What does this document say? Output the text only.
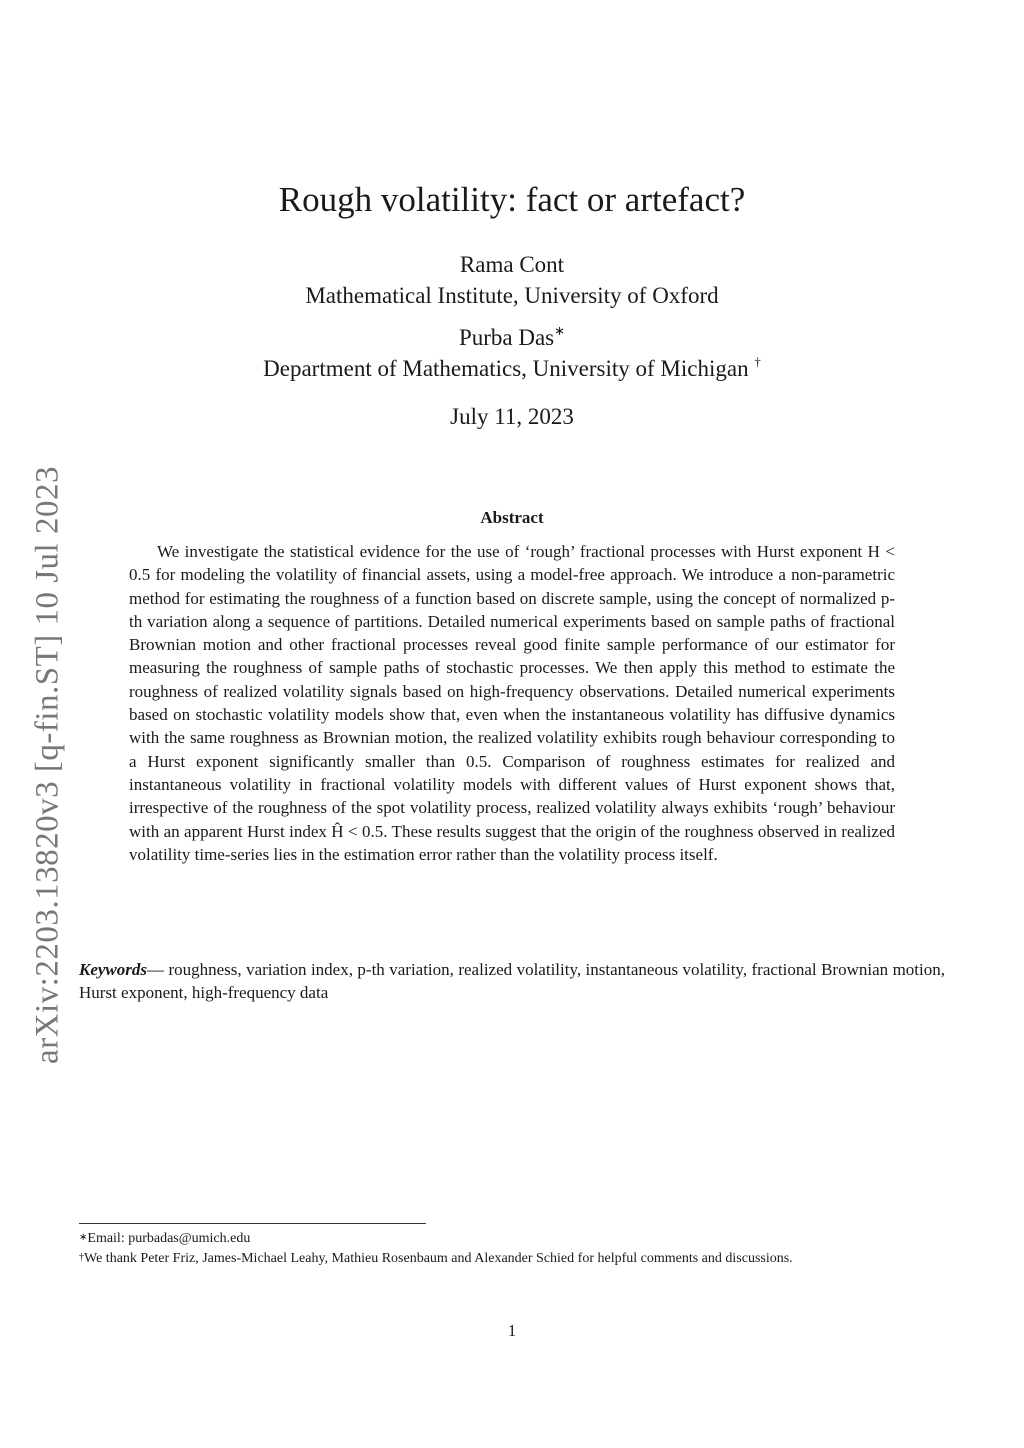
arXiv:2203.13820v3 [q-fin.ST] 10 Jul 2023
Rough volatility: fact or artefact?
Rama Cont
Mathematical Institute, University of Oxford
Purba Das∗
Department of Mathematics, University of Michigan †
July 11, 2023
Abstract

We investigate the statistical evidence for the use of ‘rough’ fractional processes with Hurst exponent H < 0.5 for modeling the volatility of financial assets, using a model-free approach. We introduce a non-parametric method for estimating the roughness of a function based on discrete sample, using the concept of normalized p-th variation along a sequence of partitions. Detailed numerical experiments based on sample paths of fractional Brownian motion and other fractional processes reveal good finite sample performance of our estimator for measuring the roughness of sample paths of stochastic processes. We then apply this method to estimate the roughness of realized volatility signals based on high-frequency observations. Detailed numerical experiments based on stochastic volatility models show that, even when the instantaneous volatility has diffusive dynamics with the same roughness as Brownian motion, the realized volatility exhibits rough behaviour corresponding to a Hurst exponent significantly smaller than 0.5. Comparison of roughness estimates for realized and instantaneous volatility in fractional volatility models with different values of Hurst exponent shows that, irrespective of the roughness of the spot volatility process, realized volatility always exhibits ‘rough’ behaviour with an apparent Hurst index Ĥ < 0.5. These results suggest that the origin of the roughness observed in realized volatility time-series lies in the estimation error rather than the volatility process itself.

Keywords— roughness, variation index, p-th variation, realized volatility, instantaneous volatility, fractional Brownian motion, Hurst exponent, high-frequency data

∗Email: purbadas@umich.edu

†We thank Peter Friz, James-Michael Leahy, Mathieu Rosenbaum and Alexander Schied for helpful comments and discussions.

1
